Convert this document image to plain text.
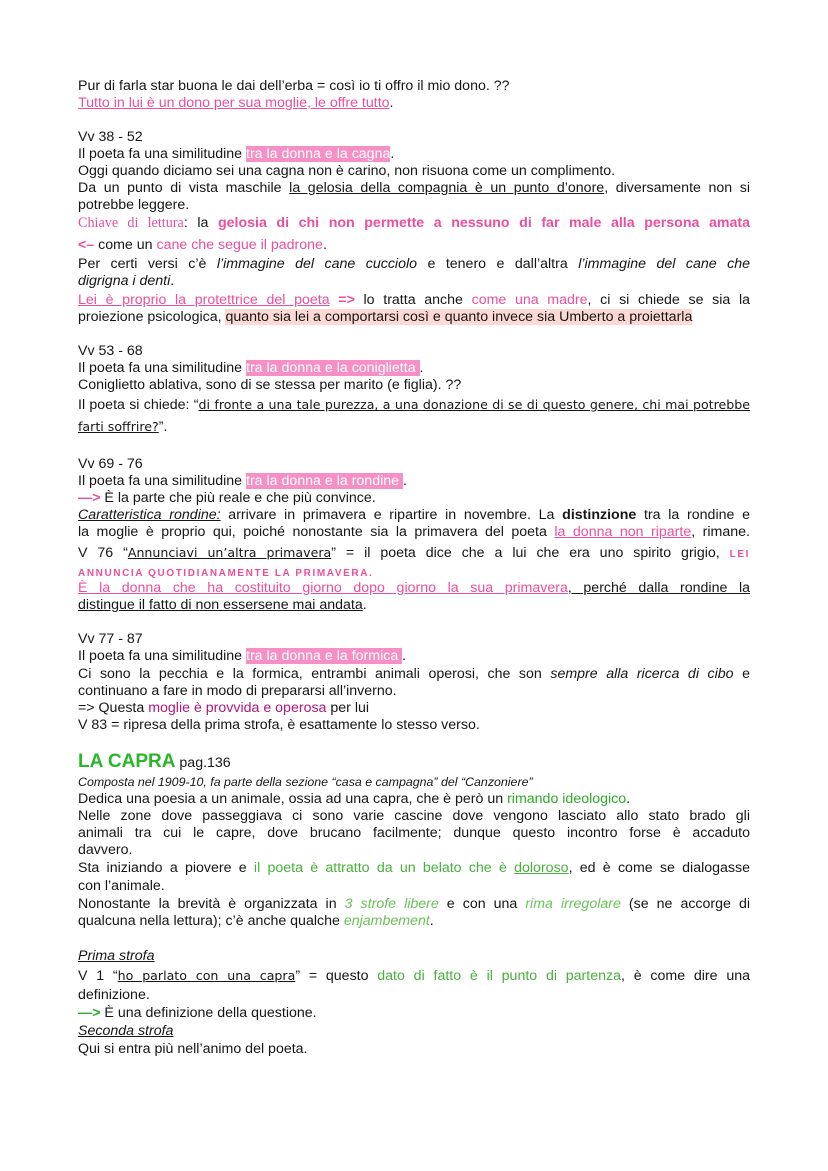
Pur di farla star buona le dai dell’erba = così io ti offro il mio dono. ??
Tutto in lui è un dono per sua moglie, le offre tutto.
Vv 38 - 52
Il poeta fa una similitudine tra la donna e la cagna.
Oggi quando diciamo sei una cagna non è carino, non risuona come un complimento.
Da un punto di vista maschile la gelosia della compagnia è un punto d’onore, diversamente non si
potrebbe leggere.
Chiave di lettura: la gelosia di chi non permette a nessuno di far male alla persona amata
<– come un cane che segue il padrone.
Per certi versi c’è l’immagine del cane cucciolo e tenero e dall’altra l’immagine del cane che
digrigna i denti.
Lei è proprio la protettrice del poeta => lo tratta anche come una madre, ci si chiede se sia la
proiezione psicologica, quanto sia lei a comportarsi così e quanto invece sia Umberto a proiettarla
Vv 53 - 68
Il poeta fa una similitudine tra la donna e la coniglietta .
Conigliett‍o ablativa, sono di se stessa per marito (e figlia). ??
Il poeta si chiede: “di fronte a una tale purezza, a una donazione di se di questo genere, chi mai potrebbe
farti soffrire?”.
Vv 69 - 76
Il poeta fa una similitudine tra la donna e la rondine .
—> È la parte che più reale e che più convince.
Caratteristica rondine: arrivare in primavera e ripartire in novembre. La distinzione tra la rondine e
la moglie è proprio qui, poiché nonostante sia la primavera del poeta la donna non riparte, rimane.
V 76 “Annunciavi un’altra primavera” = il poeta dice che a lui che era uno spirito grigio, LEI
ANNUNCIA QUOTIDIANAMENTE LA PRIMAVERA.
È la donna che ha costituito giorno dopo giorno la sua primavera, perché dalla rondine la
distingue il fatto di non essersene mai andata.
Vv 77 - 87
Il poeta fa una similitudine tra la donna e la formica .
Ci sono la pecchia e la formica, entrambi animali operosi, che son sempre alla ricerca di cibo e
continuano a fare in modo di prepararsi all’inverno.
=> Questa moglie è provvida e operosa per lui
V 83 = ripresa della prima strofa, è esattamente lo stesso verso.
LA CAPRA pag.136
Composta nel 1909-10, fa parte della sezione “casa e campagna” del “Canzoniere”
Dedica una poesia a un animale, ossia ad una capra, che è però un rimando ideologico.
Nelle zone dove passeggiava ci sono varie cascine dove vengono lasciato allo stato brado gli
animali tra cui le capre, dove brucano facilmente; dunque questo incontro forse è accaduto
davvero.
Sta iniziando a piovere e il poeta è attratto da un belato che è doloroso, ed è come se dialogasse
con l’animale.
Nonostante la brevità è organizzata in 3 strofe libere e con una rima irregolare (se ne accorge di
qualcuna nella lettura); c’è anche qualche enjambement.
Prima strofa
V 1 “ho parlato con una capra” = questo dato di fatto è il punto di partenza, è come dire una
definizione.
—> È una definizione della questione.
Seconda strofa
Qui si entra più nell’animo del poeta.
